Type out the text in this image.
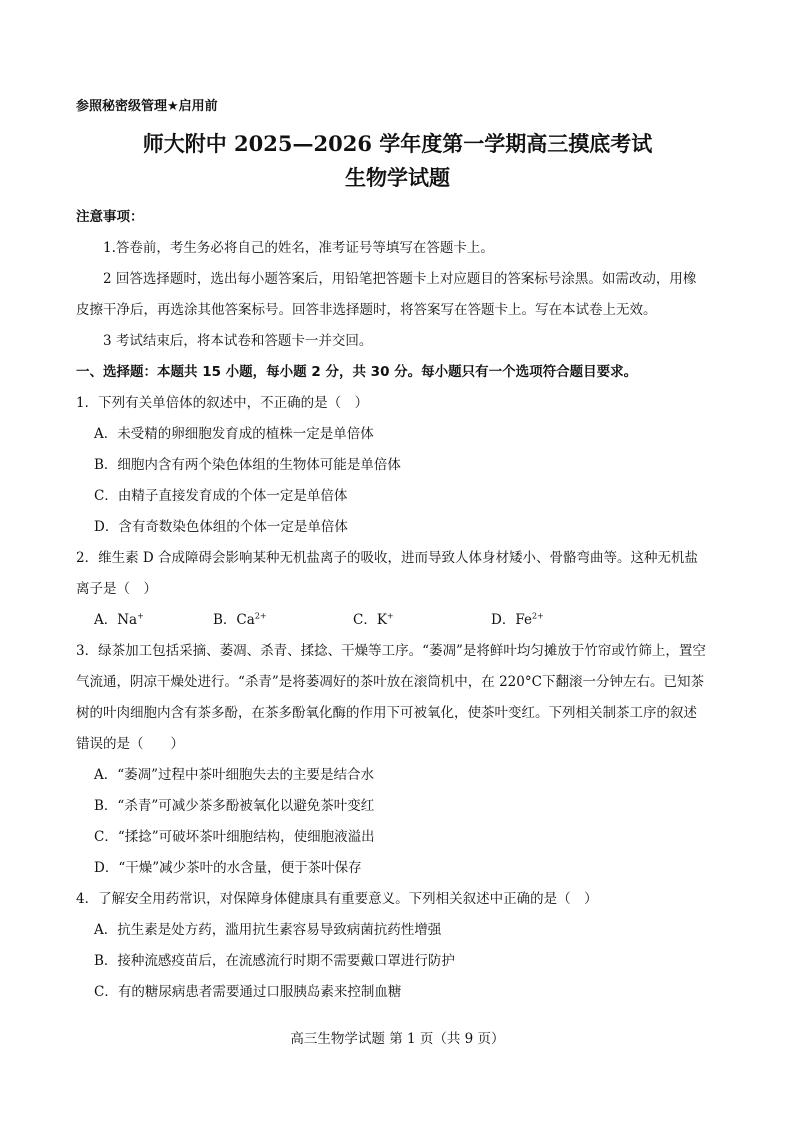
参照秘密级管理★启用前
师大附中 2025—2026 学年度第一学期高三摸底考试
生物学试题
注意事项：
1.答卷前，考生务必将自己的姓名，准考证号等填写在答题卡上。
2 回答选择题时，选出每小题答案后，用铅笔把答题卡上对应题目的答案标号涂黑。如需改动，用橡
皮擦干净后，再选涂其他答案标号。回答非选择题时，将答案写在答题卡上。写在本试卷上无效。
3 考试结束后，将本试卷和答题卡一并交回。
一、选择题：本题共 15 小题，每小题 2 分，共 30 分。每小题只有一个选项符合题目要求。
1．下列有关单倍体的叙述中，不正确的是（　）
A．未受精的卵细胞发育成的植株一定是单倍体
B．细胞内含有两个染色体组的生物体可能是单倍体
C．由精子直接发育成的个体一定是单倍体
D．含有奇数染色体组的个体一定是单倍体
2．维生素 D 合成障碍会影响某种无机盐离子的吸收，进而导致人体身材矮小、骨骼弯曲等。这种无机盐
离子是（　）
A．Na+	B．$Ca^{2+}$	C．K+	D．$Fe^{2+}$
3．绿茶加工包括采摘、萎凋、杀青、揉捻、干燥等工序。“萎凋”是将鲜叶均匀摊放于竹帘或竹筛上，置空
气流通，阴凉干燥处进行。“杀青”是将萎凋好的茶叶放在滚筒机中，在 220°C下翻滚一分钟左右。已知茶
树的叶肉细胞内含有茶多酚，在茶多酚氧化酶的作用下可被氧化，使茶叶变红。下列相关制茶工序的叙述
错误的是（　　）
A．“萎凋”过程中茶叶细胞失去的主要是结合水
B．“杀青”可减少茶多酚被氧化以避免茶叶变红
C．“揉捻”可破坏茶叶细胞结构，使细胞液溢出
D．“干燥”减少茶叶的水含量，便于茶叶保存
4．了解安全用药常识，对保障身体健康具有重要意义。下列相关叙述中正确的是（　）
A．抗生素是处方药，滥用抗生素容易导致病菌抗药性增强
B．接种流感疫苗后，在流感流行时期不需要戴口罩进行防护
C．有的糖尿病患者需要通过口服胰岛素来控制血糖
高三生物学试题 第 1 页（共 9 页）
